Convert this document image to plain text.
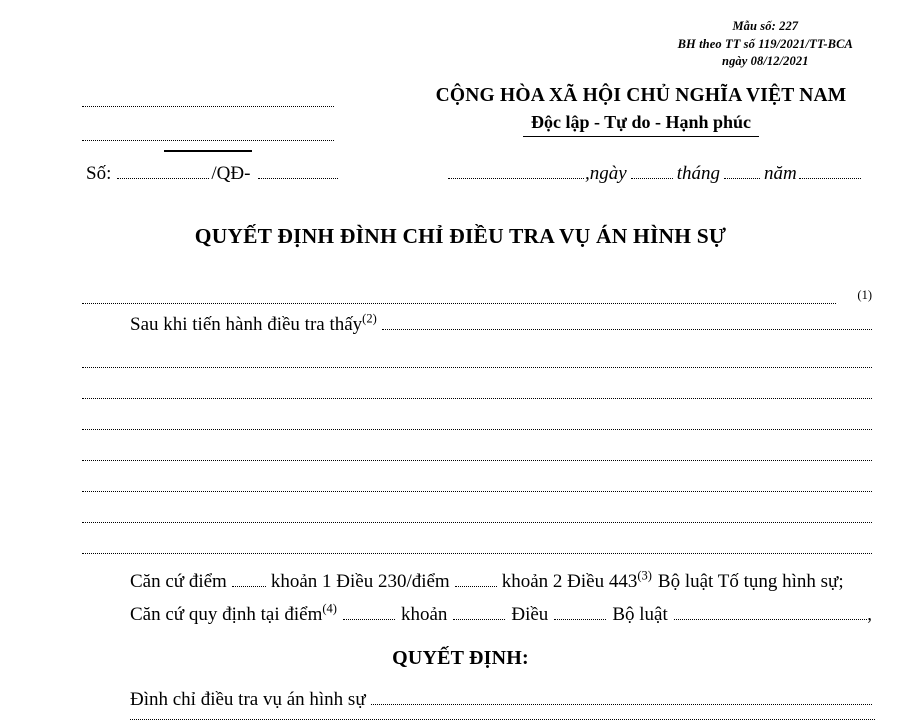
Mẫu số: 227
BH theo TT số 119/2021/TT-BCA
ngày 08/12/2021
CỘNG HÒA XÃ HỘI CHỦ NGHĨA VIỆT NAM
Độc lập - Tự do - Hạnh phúc
Số:	/QĐ-	, ngày	tháng năm
QUYẾT ĐỊNH ĐÌNH CHỈ ĐIỀU TRA VỤ ÁN HÌNH SỰ
(1)
Sau khi tiến hành điều tra thấy$^{(2)}$
Căn cứ điểm khoản 1 Điều 230/điểm	khoản 2 Điều 443$^{(3)}$ Bộ luật Tố tụng hình sự;
Căn cứ quy định tại điểm$^{(4)}$	khoản	Điều	Bộ luật	,
QUYẾT ĐỊNH:
Đình chỉ điều tra vụ án hình sự
